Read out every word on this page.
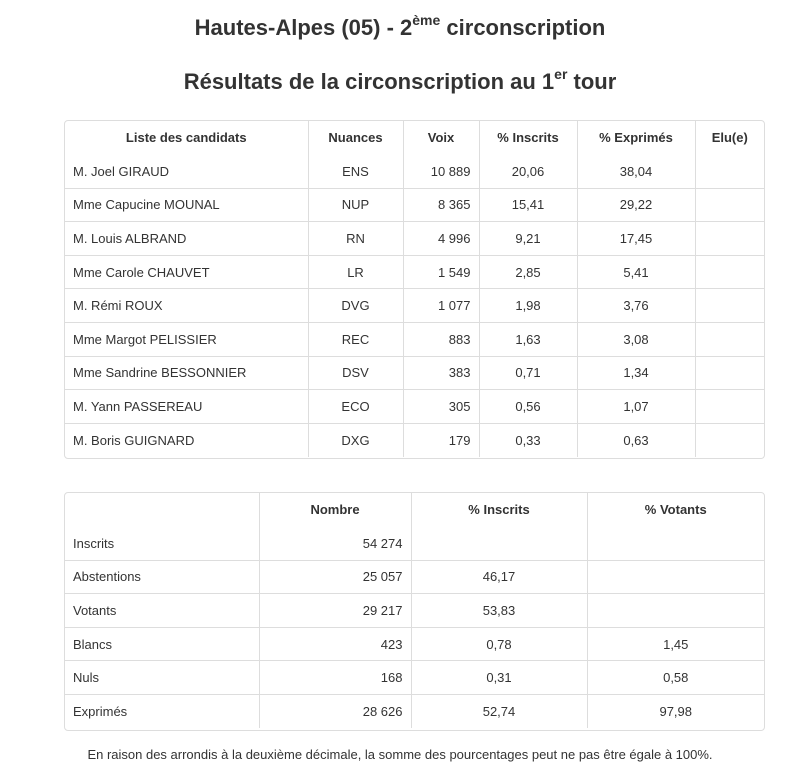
Hautes-Alpes (05) - 2ème circonscription
Résultats de la circonscription au 1er tour
Liste des candidats	Nuances	Voix	% Inscrits	% Exprimés	Elu(e)
M. Joel GIRAUD	ENS	10 889	20,06	38,04	
Mme Capucine MOUNAL	NUP	8 365	15,41	29,22	
M. Louis ALBRAND	RN	4 996	9,21	17,45	
Mme Carole CHAUVET	LR	1 549	2,85	5,41	
M. Rémi ROUX	DVG	1 077	1,98	3,76	
Mme Margot PELISSIER	REC	883	1,63	3,08	
Mme Sandrine BESSONNIER	DSV	383	0,71	1,34	
M. Yann PASSEREAU	ECO	305	0,56	1,07	
M. Boris GUIGNARD	DXG	179	0,33	0,63	
	Nombre	% Inscrits	% Votants
Inscrits	54 274		
Abstentions	25 057	46,17	
Votants	29 217	53,83	
Blancs	423	0,78	1,45
Nuls	168	0,31	0,58
Exprimés	28 626	52,74	97,98
En raison des arrondis à la deuxième décimale, la somme des pourcentages peut ne pas être égale à 100%.
